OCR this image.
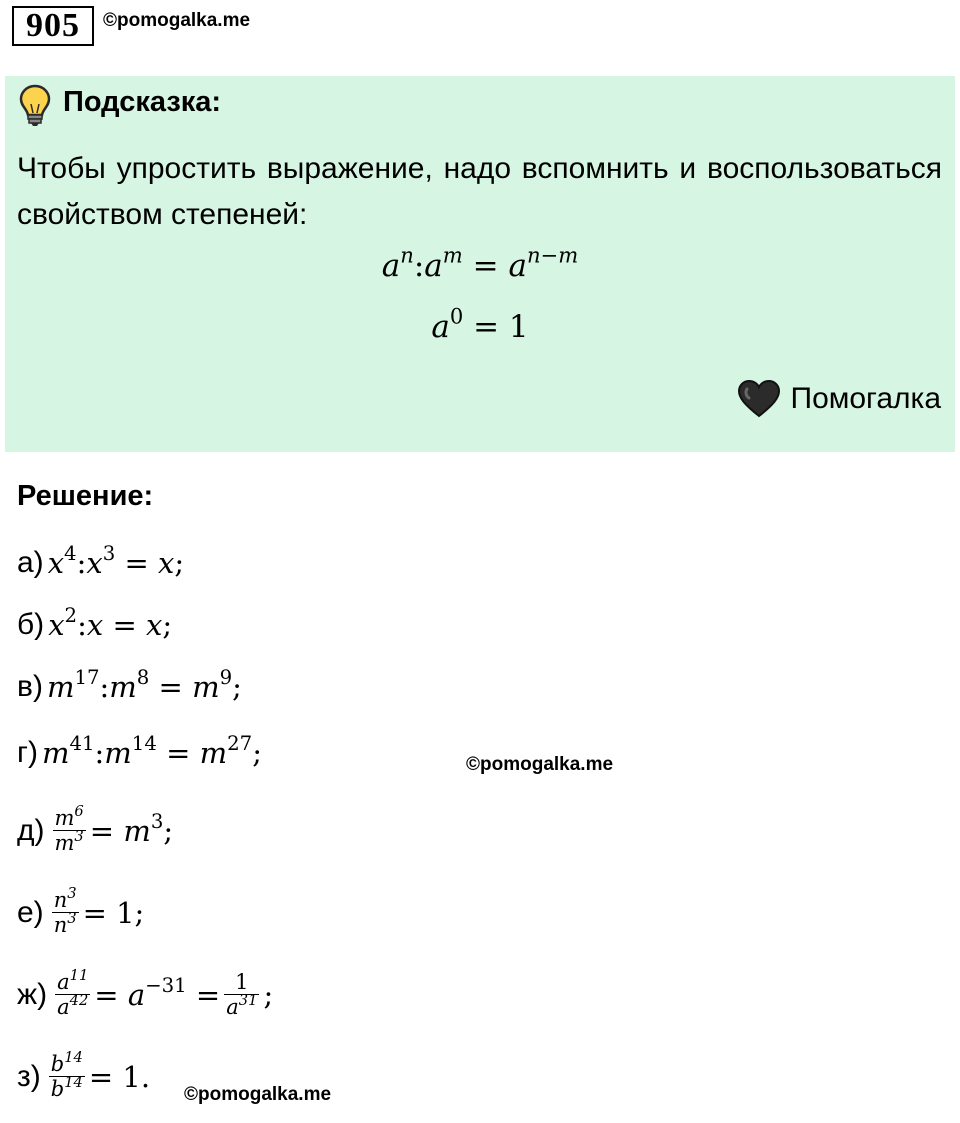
905	©pomogalka.me
Подсказка:
Чтобы упростить выражение, надо вспомнить и воспользоваться свойством степеней:
$a^n:a^m = a^{n-m}$
$a^0 = 1$
Помогалка
Решение:
а) $x^4:x^3 = x$;
б) $x^2:x = x$;
в) $m^{17}:m^8 = m^9$;
г) $m^{41}:m^{14} = m^{27}$;	©pomogalka.me
$д) \frac{m^6}{m^3} = m^3$;
$е) \frac{n^3}{n^3} = 1$;
$ж) \frac{a^{11}}{a^{42}} = a^{-31} = \frac{1}{a^{31}}$ ;
$з) \frac{b^{14}}{b^{14}} = 1$.
©pomogalka.me
